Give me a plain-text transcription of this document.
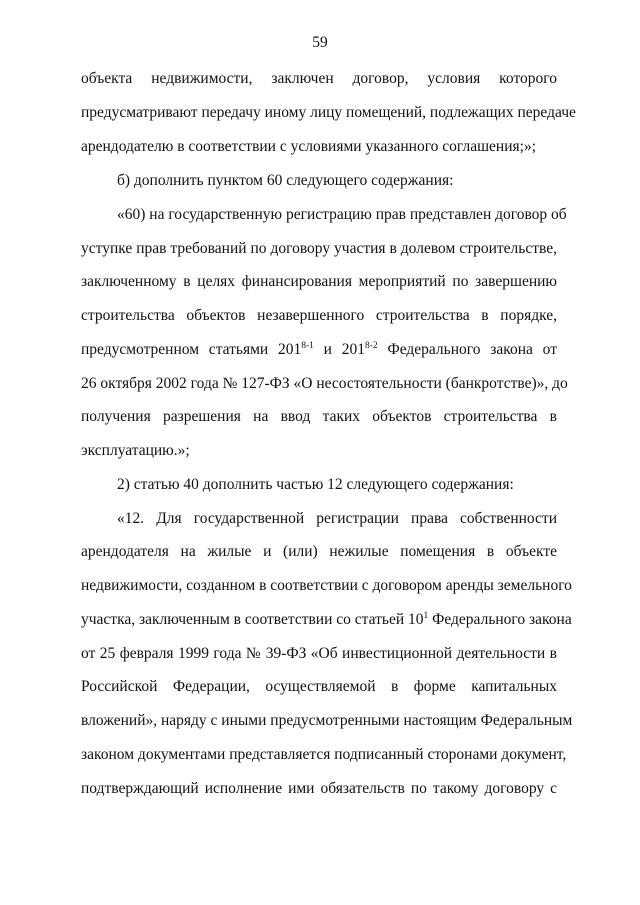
59
объекта недвижимости, заключен договор, условия которого
предусматривают передачу иному лицу помещений, подлежащих передаче
арендодателю в соответствии с условиями указанного соглашения;»;
б) дополнить пунктом 60 следующего содержания:
«60) на государственную регистрацию прав представлен договор об
уступке прав требований по договору участия в долевом строительстве,
заключенному в целях финансирования мероприятий по завершению
строительства объектов незавершенного строительства в порядке,
предусмотренном статьями 201$^{8-1}$ и 201$^{8-2}$ Федерального закона от
26 октября 2002 года № 127-ФЗ «О несостоятельности (банкротстве)», до
получения разрешения на ввод таких объектов строительства в
эксплуатацию.»;
2) статью 40 дополнить частью 12 следующего содержания:
«12. Для государственной регистрации права собственности
арендодателя на жилые и (или) нежилые помещения в объекте
недвижимости, созданном в соответствии с договором аренды земельного
участка, заключенным в соответствии со статьей $10^1$ Федерального закона
от 25 февраля 1999 года № 39-ФЗ «Об инвестиционной деятельности в
Российской Федерации, осуществляемой в форме капитальных
вложений», наряду с иными предусмотренными настоящим Федеральным
законом документами представляется подписанный сторонами документ,
подтверждающий исполнение ими обязательств по такому договору с
